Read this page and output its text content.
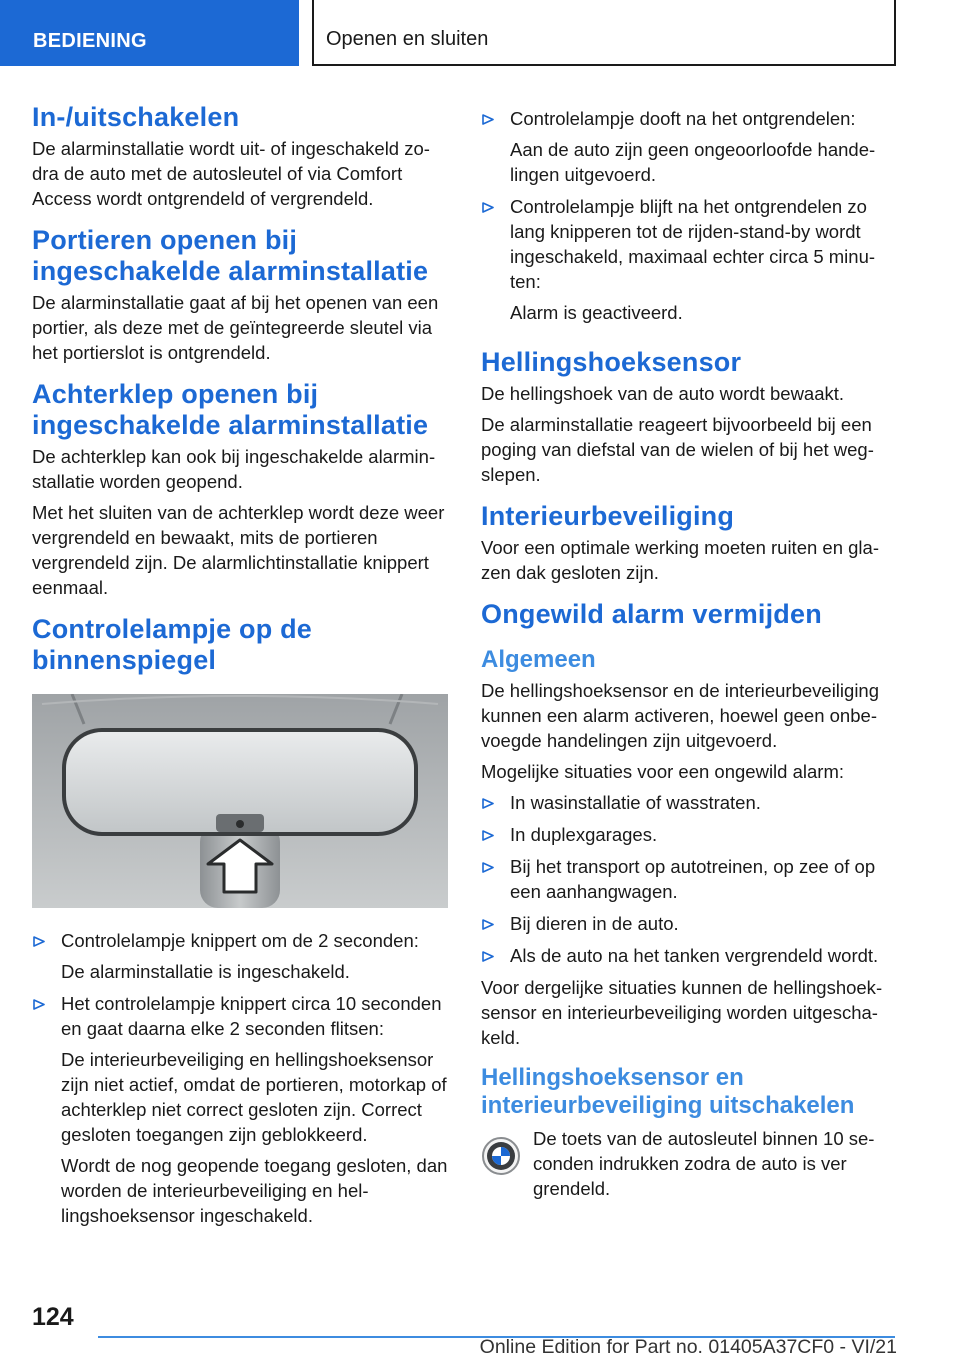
BEDIENING	Openen en sluiten
In-/uitschakelen

De alarminstallatie wordt uit- of ingeschakeld zodra de auto met de autosleutel of via Comfort Access wordt ontgrendeld of vergrendeld.

Portieren openen bij ingeschakelde alarminstallatie

De alarminstallatie gaat af bij het openen van een portier, als deze met de geïntegreerde sleutel via het portierslot is ontgrendeld.

Achterklep openen bij ingeschakelde alarminstallatie

De achterklep kan ook bij ingeschakelde alarminstallatie worden geopend.

Met het sluiten van de achterklep wordt deze weer vergrendeld en bewaakt, mits de portieren vergrendeld zijn. De alarmlichtinstallatie knippert eenmaal.

Controlelampje op de binnenspiegel
Controlelampje knippert om de 2 seconden:
De alarminstallatie is ingeschakeld.
Het controlelampje knippert circa 10 seconden en gaat daarna elke 2 seconden flitsen:
De interieurbeveiliging en hellingshoeksensor zijn niet actief, omdat de portieren, motorkap of achterklep niet correct gesloten zijn. Correct gesloten toegangen zijn geblokkeerd.
Wordt de nog geopende toegang gesloten, dan worden de interieurbeveiliging en hellingshoeksensor ingeschakeld.
Controlelampje dooft na het ontgrendelen:
Aan de auto zijn geen ongeoorloofde handelingen uitgevoerd.
Controlelampje blijft na het ontgrendelen zo lang knipperen tot de rijden-stand-by wordt ingeschakeld, maximaal echter circa 5 minuten:
Alarm is geactiveerd.
Hellingshoeksensor

De hellingshoek van de auto wordt bewaakt.

De alarminstallatie reageert bijvoorbeeld bij een poging van diefstal van de wielen of bij het wegslepen.

Interieurbeveiliging

Voor een optimale werking moeten ruiten en glazen dak gesloten zijn.

Ongewild alarm vermijden
Algemeen

De hellingshoeksensor en de interieurbeveiliging kunnen een alarm activeren, hoewel geen onbevoegde handelingen zijn uitgevoerd.

Mogelijke situaties voor een ongewild alarm:

In wasinstallatie of wasstraten.
In duplexgarages.
Bij het transport op autotreinen, op zee of op een aanhangwagen.
Bij dieren in de auto.
Als de auto na het tanken vergrendeld wordt.

Voor dergelijke situaties kunnen de hellingshoeksensor en interieurbeveiliging worden uitgeschakeld.

Hellingshoeksensor en interieurbeveiliging uitschakelen

De toets van de autosleutel binnen 10 seconden indrukken zodra de auto is ver
grendeld.

124
Online Edition for Part no. 01405A37CF0 - VI/21
